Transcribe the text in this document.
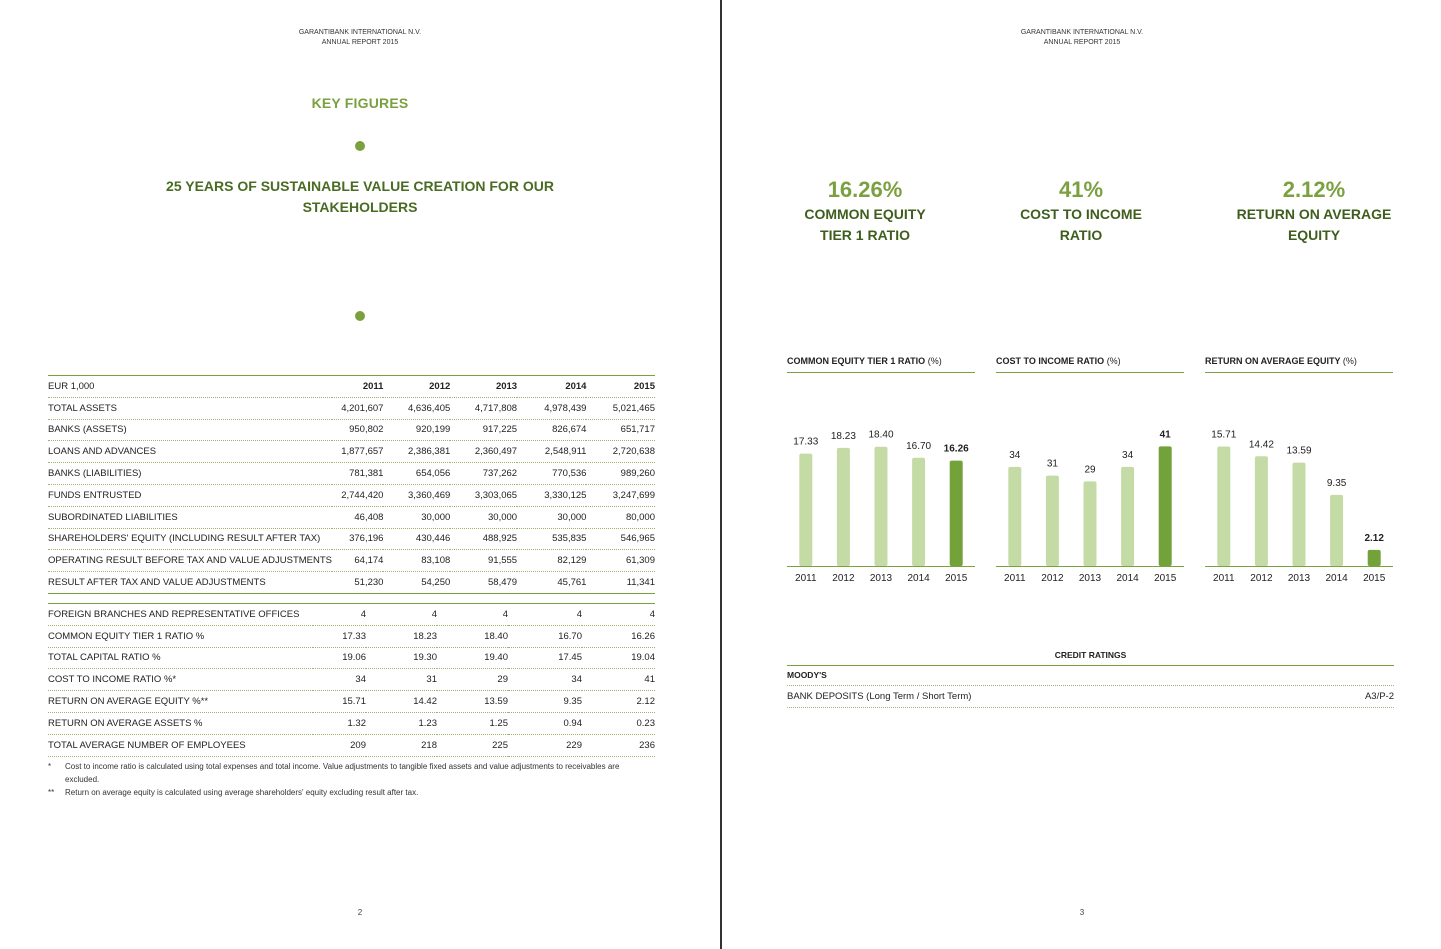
GARANTIBANK INTERNATIONAL N.V.
ANNUAL REPORT 2015
KEY FIGURES
25 YEARS OF SUSTAINABLE VALUE CREATION FOR OUR STAKEHOLDERS
EUR 1,000	2011	2012	2013	2014	2015
TOTAL ASSETS	4,201,607	4,636,405	4,717,808	4,978,439	5,021,465
BANKS (ASSETS)	950,802	920,199	917,225	826,674	651,717
LOANS AND ADVANCES	1,877,657	2,386,381	2,360,497	2,548,911	2,720,638
BANKS (LIABILITIES)	781,381	654,056	737,262	770,536	989,260
FUNDS ENTRUSTED	2,744,420	3,360,469	3,303,065	3,330,125	3,247,699
SUBORDINATED LIABILITIES	46,408	30,000	30,000	30,000	80,000
SHAREHOLDERS' EQUITY (INCLUDING RESULT AFTER TAX)	376,196	430,446	488,925	535,835	546,965
OPERATING RESULT BEFORE TAX AND VALUE ADJUSTMENTS	64,174	83,108	91,555	82,129	61,309
RESULT AFTER TAX AND VALUE ADJUSTMENTS	51,230	54,250	58,479	45,761	11,341
FOREIGN BRANCHES AND REPRESENTATIVE OFFICES	4	4	4	4	4
COMMON EQUITY TIER 1 RATIO %	17.33	18.23	18.40	16.70	16.26
TOTAL CAPITAL RATIO %	19.06	19.30	19.40	17.45	19.04
COST TO INCOME RATIO %*	34	31	29	34	41
RETURN ON AVERAGE EQUITY %**	15.71	14.42	13.59	9.35	2.12
RETURN ON AVERAGE ASSETS %	1.32	1.23	1.25	0.94	0.23
TOTAL AVERAGE NUMBER OF EMPLOYEES	209	218	225	229	236
*	Cost to income ratio is calculated using total expenses and total income. Value adjustments to tangible fixed assets and value adjustments to receivables are excluded.
**	Return on average equity is calculated using average shareholders' equity excluding result after tax.
2
GARANTIBANK INTERNATIONAL N.V.
ANNUAL REPORT 2015
16.26%
COMMON EQUITY
TIER 1 RATIO
41%
COST TO INCOME
RATIO
2.12%
RETURN ON AVERAGE
EQUITY
COMMON EQUITY TIER 1 RATIO (%)
17.33
2011
18.23
2012
18.40
2013
16.70
2014
16.26
2015
COST TO INCOME RATIO (%)
34
2011
31
2012
29
2013
34
2014
41
2015
RETURN ON AVERAGE EQUITY (%)
15.71
2011
14.42
2012
13.59
2013
9.35
2014
2.12
2015
CREDIT RATINGS
MOODY'S
BANK DEPOSITS (Long Term / Short Term)	A3/P-2
3
